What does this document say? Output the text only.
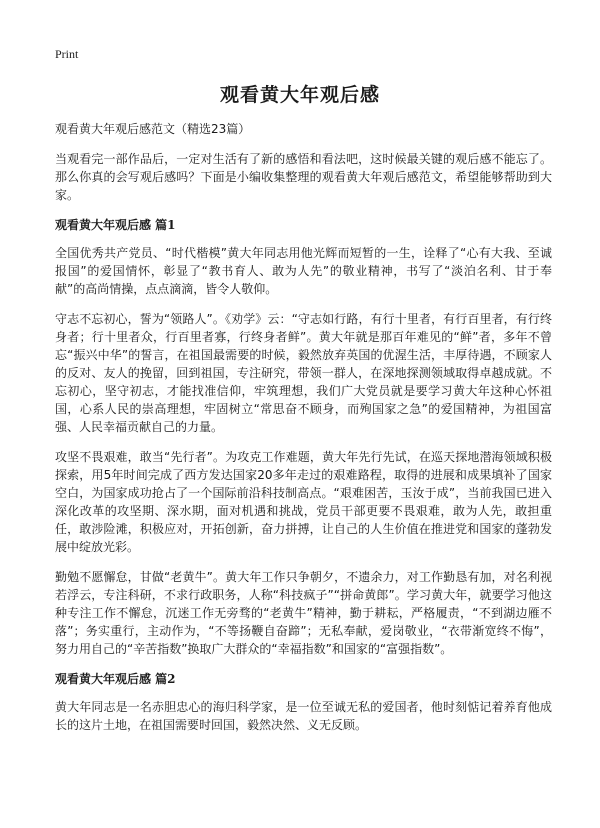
Print
观看黄大年观后感
观看黄大年观后感范文（精选23篇）

当观看完一部作品后，一定对生活有了新的感悟和看法吧，这时候最关键的观后感不能忘了。那么你真的会写观后感吗？下面是小编收集整理的观看黄大年观后感范文，希望能够帮助到大家。

观看黄大年观后感 篇1

全国优秀共产党员、“时代楷模”黄大年同志用他光辉而短暂的一生，诠释了“心有大我、至诚报国”的爱国情怀，彰显了“教书育人、敢为人先”的敬业精神，书写了“淡泊名利、甘于奉献”的高尚情操，点点滴滴，皆令人敬仰。

守志不忘初心，誓为“领路人”。《劝学》云：“守志如行路，有行十里者，有行百里者，有行终身者；行十里者众，行百里者寡，行终身者鲜”。黄大年就是那百年难见的“鲜”者，多年不曾忘“振兴中华”的誓言，在祖国最需要的时候，毅然放弃英国的优渥生活，丰厚待遇，不顾家人的反对、友人的挽留，回到祖国，专注研究，带领一群人，在深地探测领域取得卓越成就。不忘初心，坚守初志，才能找准信仰，牢筑理想，我们广大党员就是要学习黄大年这种心怀祖国，心系人民的崇高理想，牢固树立“常思奋不顾身，而殉国家之急”的爱国精神，为祖国富强、人民幸福贡献自己的力量。

攻坚不畏艰难，敢当“先行者”。为攻克工作难题，黄大年先行先试，在巡天探地潜海领域积极探索，用5年时间完成了西方发达国家20多年走过的艰难路程，取得的进展和成果填补了国家空白，为国家成功抢占了一个国际前沿科技制高点。“艰难困苦，玉汝于成”，当前我国已进入深化改革的攻坚期、深水期，面对机遇和挑战，党员干部更要不畏艰难，敢为人先，敢担重任，敢涉险滩，积极应对，开拓创新，奋力拼搏，让自己的人生价值在推进党和国家的蓬勃发展中绽放光彩。

勤勉不愿懈怠，甘做“老黄牛”。黄大年工作只争朝夕，不遗余力，对工作勤恳有加，对名利视若浮云，专注科研，不求行政职务，人称“科技疯子”“拼命黄郎”。学习黄大年，就要学习他这种专注工作不懈怠，沉迷工作无旁骛的“老黄牛”精神，勤于耕耘，严格履责，“不到湖边雁不落”；务实重行，主动作为，“不等扬鞭自奋蹄”；无私奉献，爱岗敬业，“衣带渐宽终不悔”，努力用自己的“辛苦指数”换取广大群众的“幸福指数”和国家的“富强指数”。

观看黄大年观后感 篇2

黄大年同志是一名赤胆忠心的海归科学家，是一位至诚无私的爱国者，他时刻惦记着养育他成长的这片土地，在祖国需要时回国，毅然决然、义无反顾。
